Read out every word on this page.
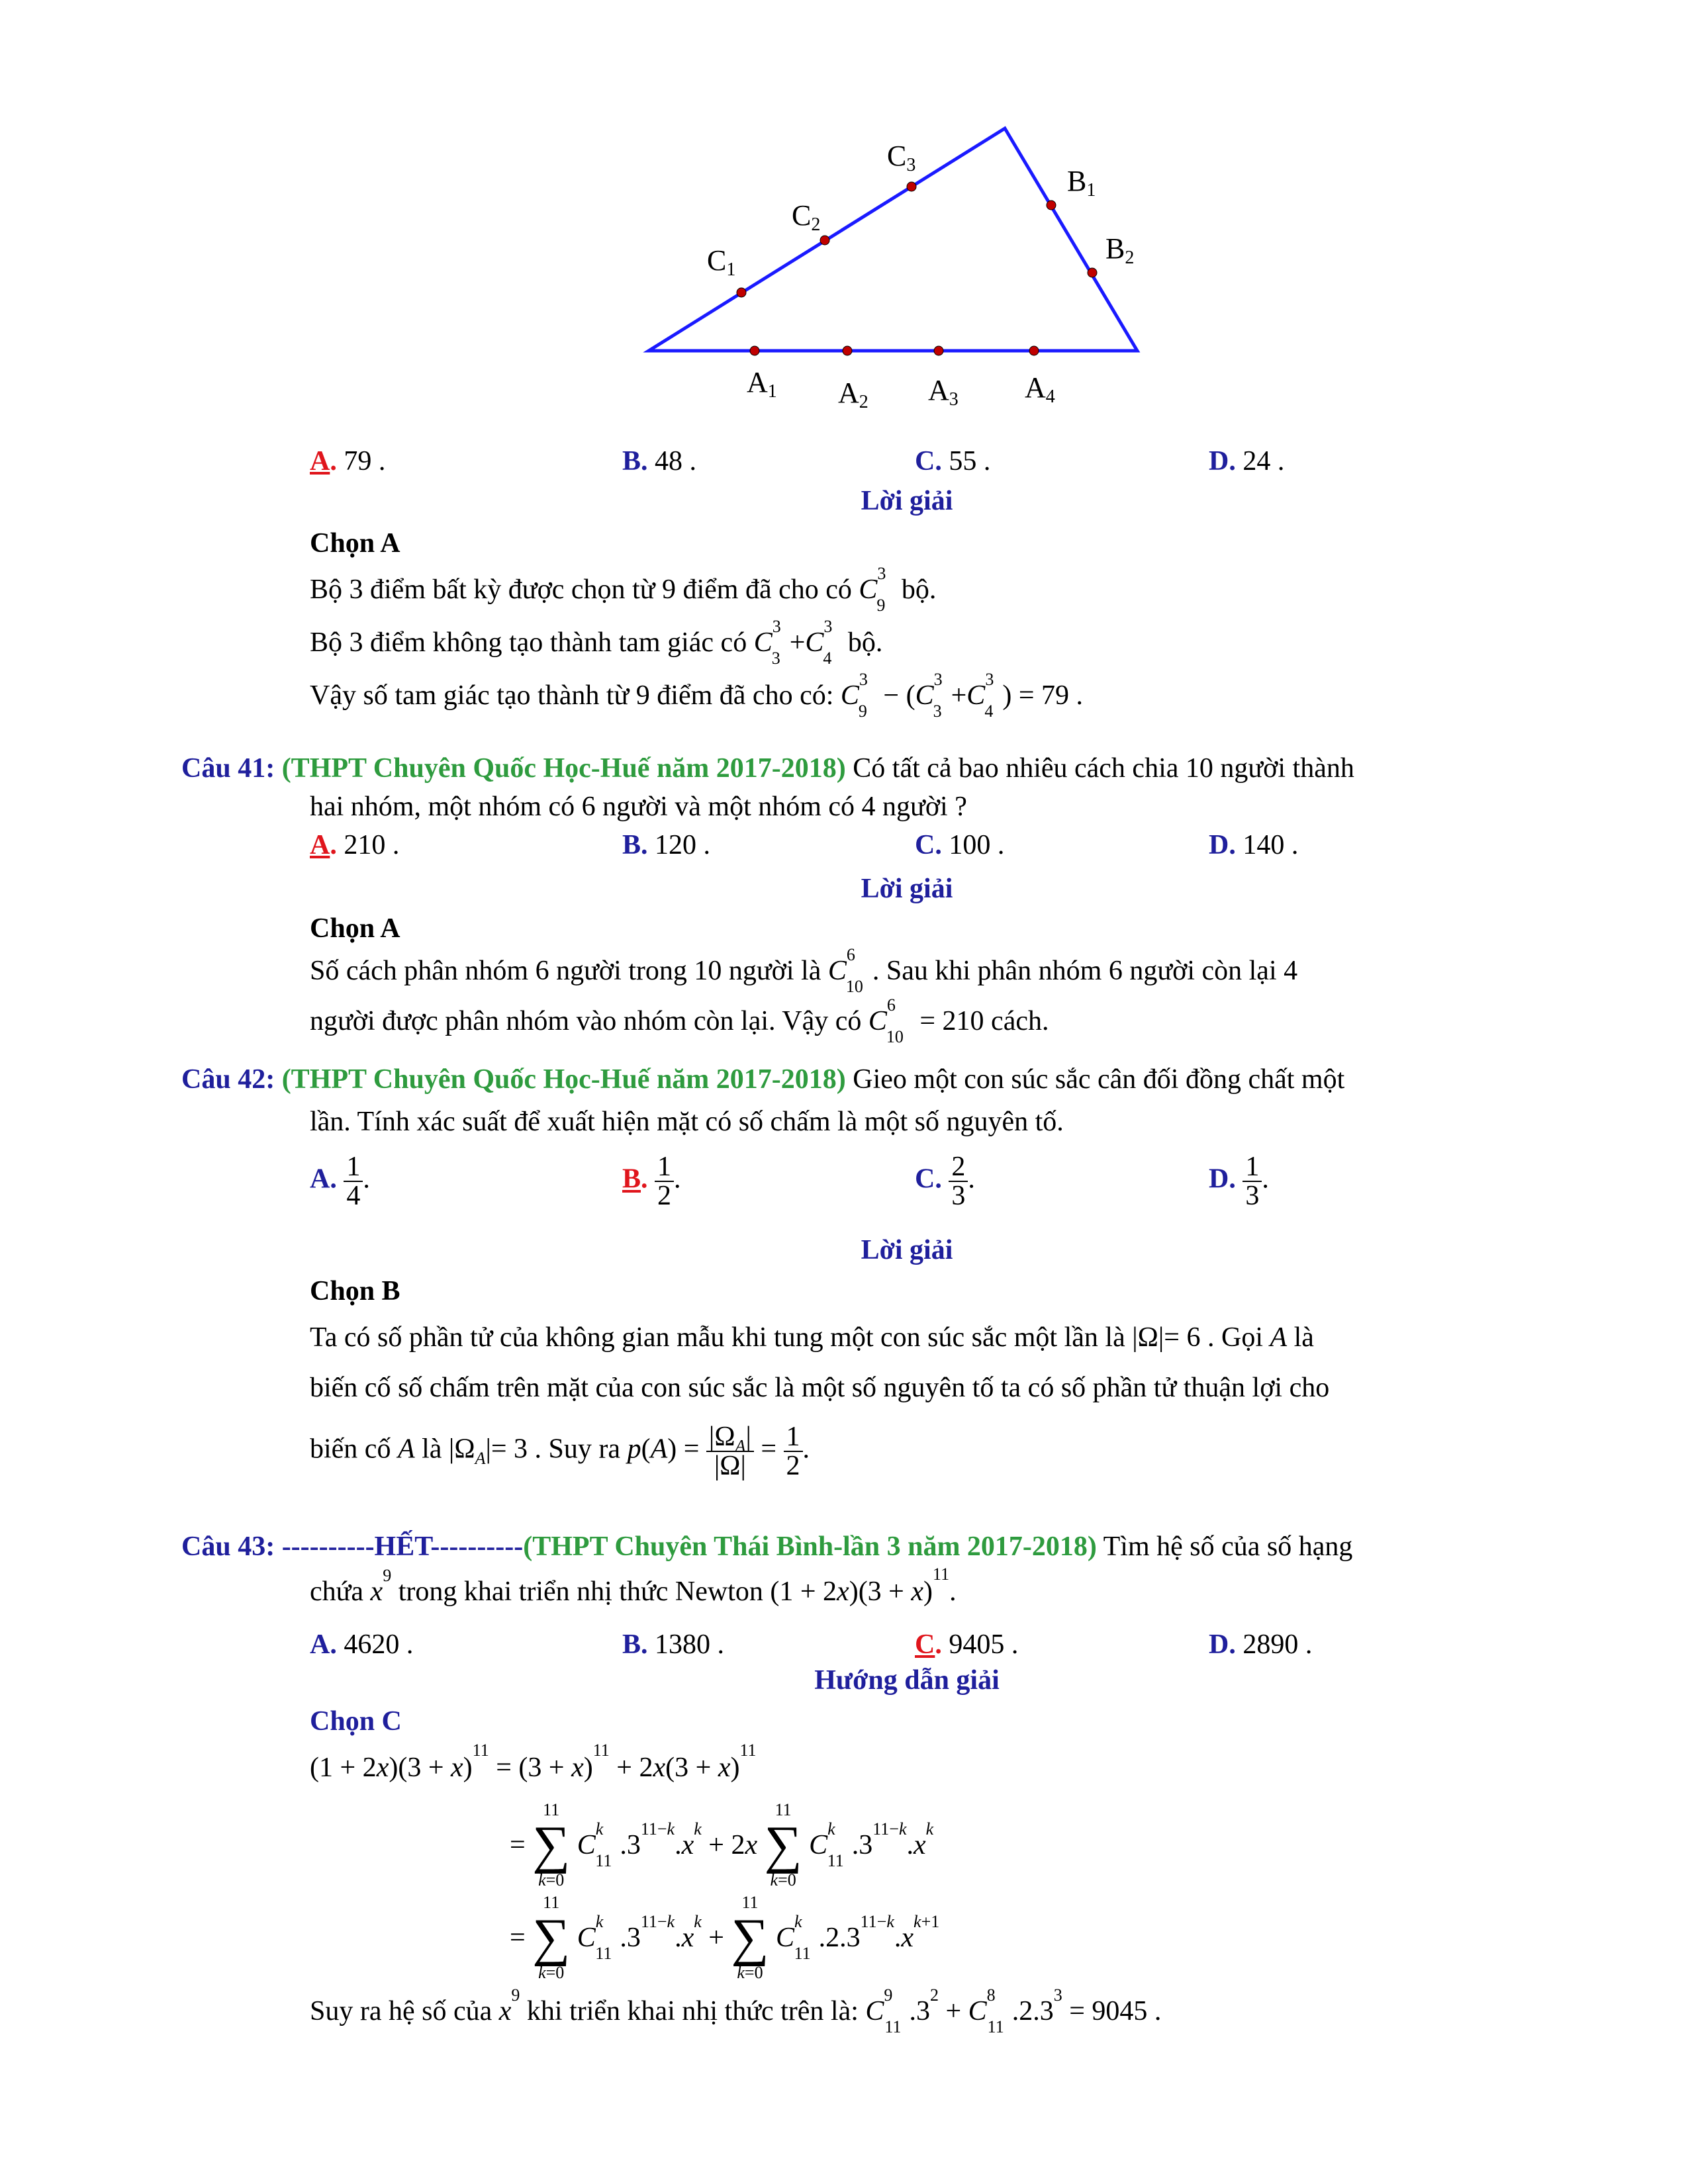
A1 A2 A3 A4
C1
C2
C3	B1
B2
A. 79 .	B. 48 .	C. 55 .	D. 24 .
Lời giải
Chọn A
Bộ 3 điểm bất kỳ được chọn từ 9 điểm đã cho có $C^3_9$ bộ.
Bộ 3 điểm không tạo thành tam giác có $C^3_3+C^3_4$ bộ.
Vậy số tam giác tạo thành từ 9 điểm đã cho có: $C^3_9 - (C^3_3+C^3_4) = 79$ .
Câu 41: (THPT Chuyên Quốc Học-Huế năm 2017-2018) Có tất cả bao nhiêu cách chia 10 người thành
hai nhóm, một nhóm có 6 người và một nhóm có 4 người ?
A. 210 .	B. 120 .	C. 100 .	D. 140 .
Lời giải
Chọn A
Số cách phân nhóm 6 người trong 10 người là $C^6_{10}$. Sau khi phân nhóm 6 người còn lại 4
người được phân nhóm vào nhóm còn lại. Vậy có $C^6_{10} = 210$ cách.
Câu 42: (THPT Chuyên Quốc Học-Huế năm 2017-2018) Gieo một con súc sắc cân đối đồng chất một
lần. Tính xác suất để xuất hiện mặt có số chấm là một số nguyên tố.
A. $\frac{1}{4}$ .	B. $\frac{1}{2}$ .	C. $\frac{2}{3}$ .	D. $\frac{1}{3}$ .
Lời giải
Chọn B
Ta có số phần tử của không gian mẫu khi tung một con súc sắc một lần là |Ω|= 6 . Gọi A là
biến cố số chấm trên mặt của con súc sắc là một số nguyên tố ta có số phần tử thuận lợi cho
biến cố A là $|\Omega_A|= 3$ . Suy ra $p(A) = \frac{|\Omega_A|}{|\Omega|} = \frac{1}{2}$ .
Câu 43: ----------HẾT----------(THPT Chuyên Thái Bình-lần 3 năm 2017-2018) Tìm hệ số của số hạng
chứa $x^9$ trong khai triển nhị thức Newton $(1 + 2x)(3 + x)^{11}$.
A. 4620 .	B. 1380 .	C. 9405 .	D. 2890 .
Hướng dẫn giải
Chọn C
$(1 + 2x)(3 + x)^{11} = (3 + x)^{11} + 2x(3 + x)^{11}$
=
11
∑
k=0
$C^k_{11}.3^{11-k}.x^k + 2x$
11
∑
k=0
$C^k_{11}.3^{11-k}.x^k$
=
11
∑
k=0
$C^k_{11}.3^{11-k}.x^k$ +
11
∑
k=0
$C^k_{11}.2.3^{11-k}.x^{k+1}$
Suy ra hệ số của $x^9$ khi triển khai nhị thức trên là: $C^9_{11}.3^2 + C^8_{11}.2.3^3 = 9045$ .
